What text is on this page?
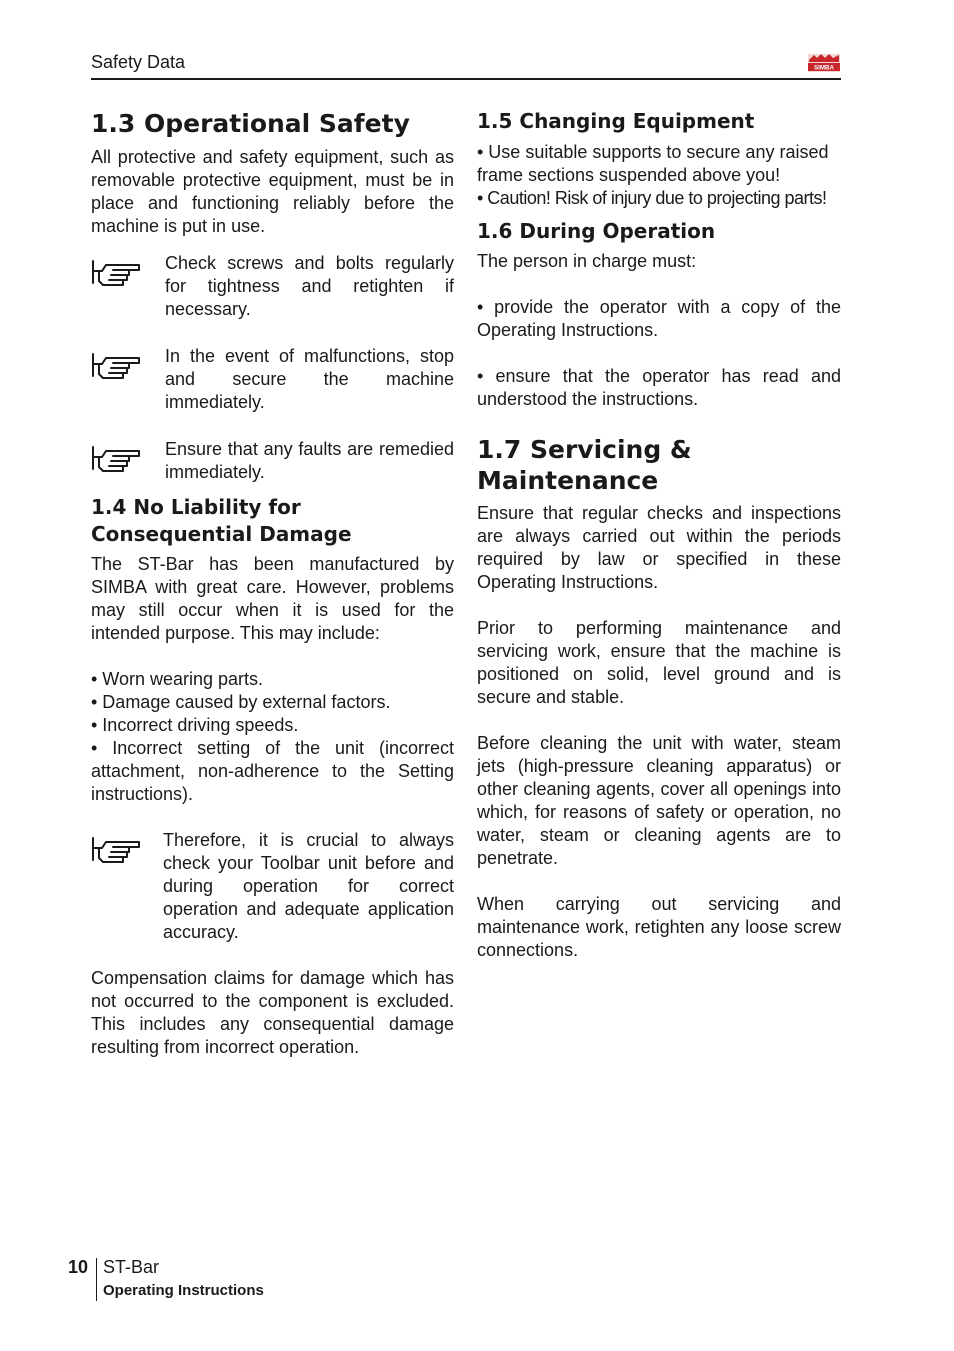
Safety Data	SIMBA
1.3 Operational Safety

All protective and safety equipment, such as removable protective equipment, must be in place and functioning reliably before the machine is put in use.

Check screws and bolts regularly for tightness and retighten if necessary.

In the event of malfunctions, stop and secure the machine immediately.

Ensure that any faults are remedied immediately.

1.4 No Liability for
Consequential Damage

The ST-Bar has been manufactured by SIMBA with great care. However, problems may still occur when it is used for the intended purpose. This may include:

• Worn wearing parts.

• Damage caused by external factors.

• Incorrect driving speeds.

• Incorrect setting of the unit (incorrect attachment, non-adherence to the Setting instructions).

Therefore, it is crucial to always check your Toolbar unit before and during operation for correct operation and adequate application accuracy.

Compensation claims for damage which has not occurred to the component is excluded. This includes any consequential damage resulting from incorrect operation.

1.5 Changing Equipment

• Use suitable supports to secure any raised frame sections suspended above you!

• Caution! Risk of injury due to projecting parts!

1.6 During Operation

The person in charge must:

• provide the operator with a copy of the Operating Instructions.

• ensure that the operator has read and understood the instructions.

1.7 Servicing &
Maintenance

Ensure that regular checks and inspections are always carried out within the periods required by law or specified in these Operating Instructions.

Prior to performing maintenance and servicing work, ensure that the machine is positioned on solid, level ground and is secure and stable.

Before cleaning the unit with water, steam jets (high-pressure cleaning apparatus) or other cleaning agents, cover all openings into which, for reasons of safety or operation, no water, steam or cleaning agents are to penetrate.

When carrying out servicing and maintenance work, retighten any loose screw connections.

10 ST-Bar
Operating Instructions
